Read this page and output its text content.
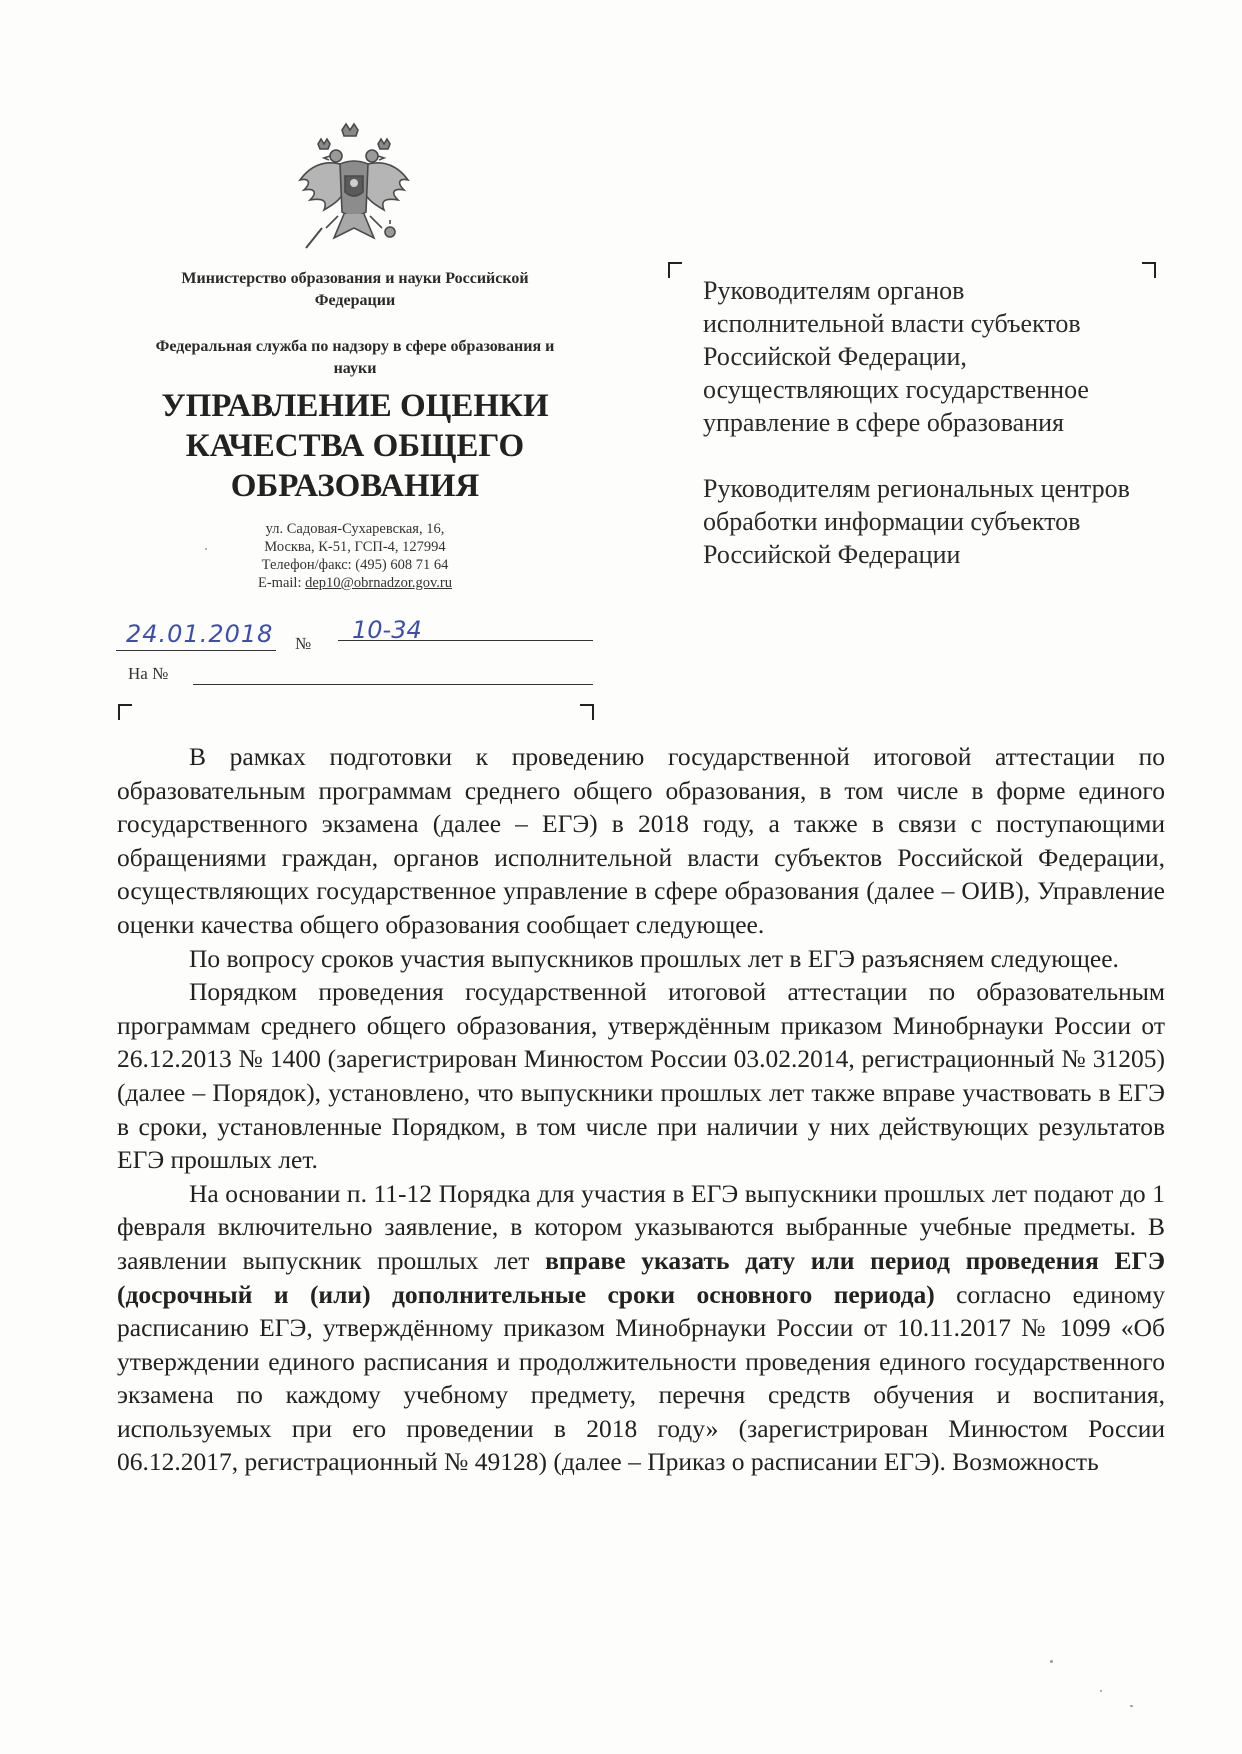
Министерство образования и науки Российской Федерации
Федеральная служба по надзору в сфере образования и науки
УПРАВЛЕНИЕ ОЦЕНКИ КАЧЕСТВА ОБЩЕГО ОБРАЗОВАНИЯ
ул. Садовая-Сухаревская, 16,
Москва, К-51, ГСП-4, 127994
Телефон/факс: (495) 608 71 64
E-mail: dep10@obrnadzor.gov.ru
24.01.2018 № 10-34
На №

Руководителям органов исполнительной власти субъектов Российской Федерации, осуществляющих государственное управление в сфере образования

Руководителям региональных центров обработки информации субъектов Российской Федерации

В рамках подготовки к проведению государственной итоговой аттестации по образовательным программам среднего общего образования, в том числе в форме единого государственного экзамена (далее – ЕГЭ) в 2018 году, а также в связи с поступающими обращениями граждан, органов исполнительной власти субъектов Российской Федерации, осуществляющих государственное управление в сфере образования (далее – ОИВ), Управление оценки качества общего образования сообщает следующее.

По вопросу сроков участия выпускников прошлых лет в ЕГЭ разъясняем следующее.

Порядком проведения государственной итоговой аттестации по образовательным программам среднего общего образования, утверждённым приказом Минобрнауки России от 26.12.2013 № 1400 (зарегистрирован Минюстом России 03.02.2014, регистрационный № 31205) (далее – Порядок), установлено, что выпускники прошлых лет также вправе участвовать в ЕГЭ в сроки, установленные Порядком, в том числе при наличии у них действующих результатов ЕГЭ прошлых лет.

На основании п. 11-12 Порядка для участия в ЕГЭ выпускники прошлых лет подают до 1 февраля включительно заявление, в котором указываются выбранные учебные предметы. В заявлении выпускник прошлых лет вправе указать дату или период проведения ЕГЭ (досрочный и (или) дополнительные сроки основного периода) согласно единому расписанию ЕГЭ, утверждённому приказом Минобрнауки России от 10.11.2017 № 1099 «Об утверждении единого расписания и продолжительности проведения единого государственного экзамена по каждому учебному предмету, перечня средств обучения и воспитания, используемых при его проведении в 2018 году» (зарегистрирован Минюстом России 06.12.2017, регистрационный № 49128) (далее – Приказ о расписании ЕГЭ). Возможность
